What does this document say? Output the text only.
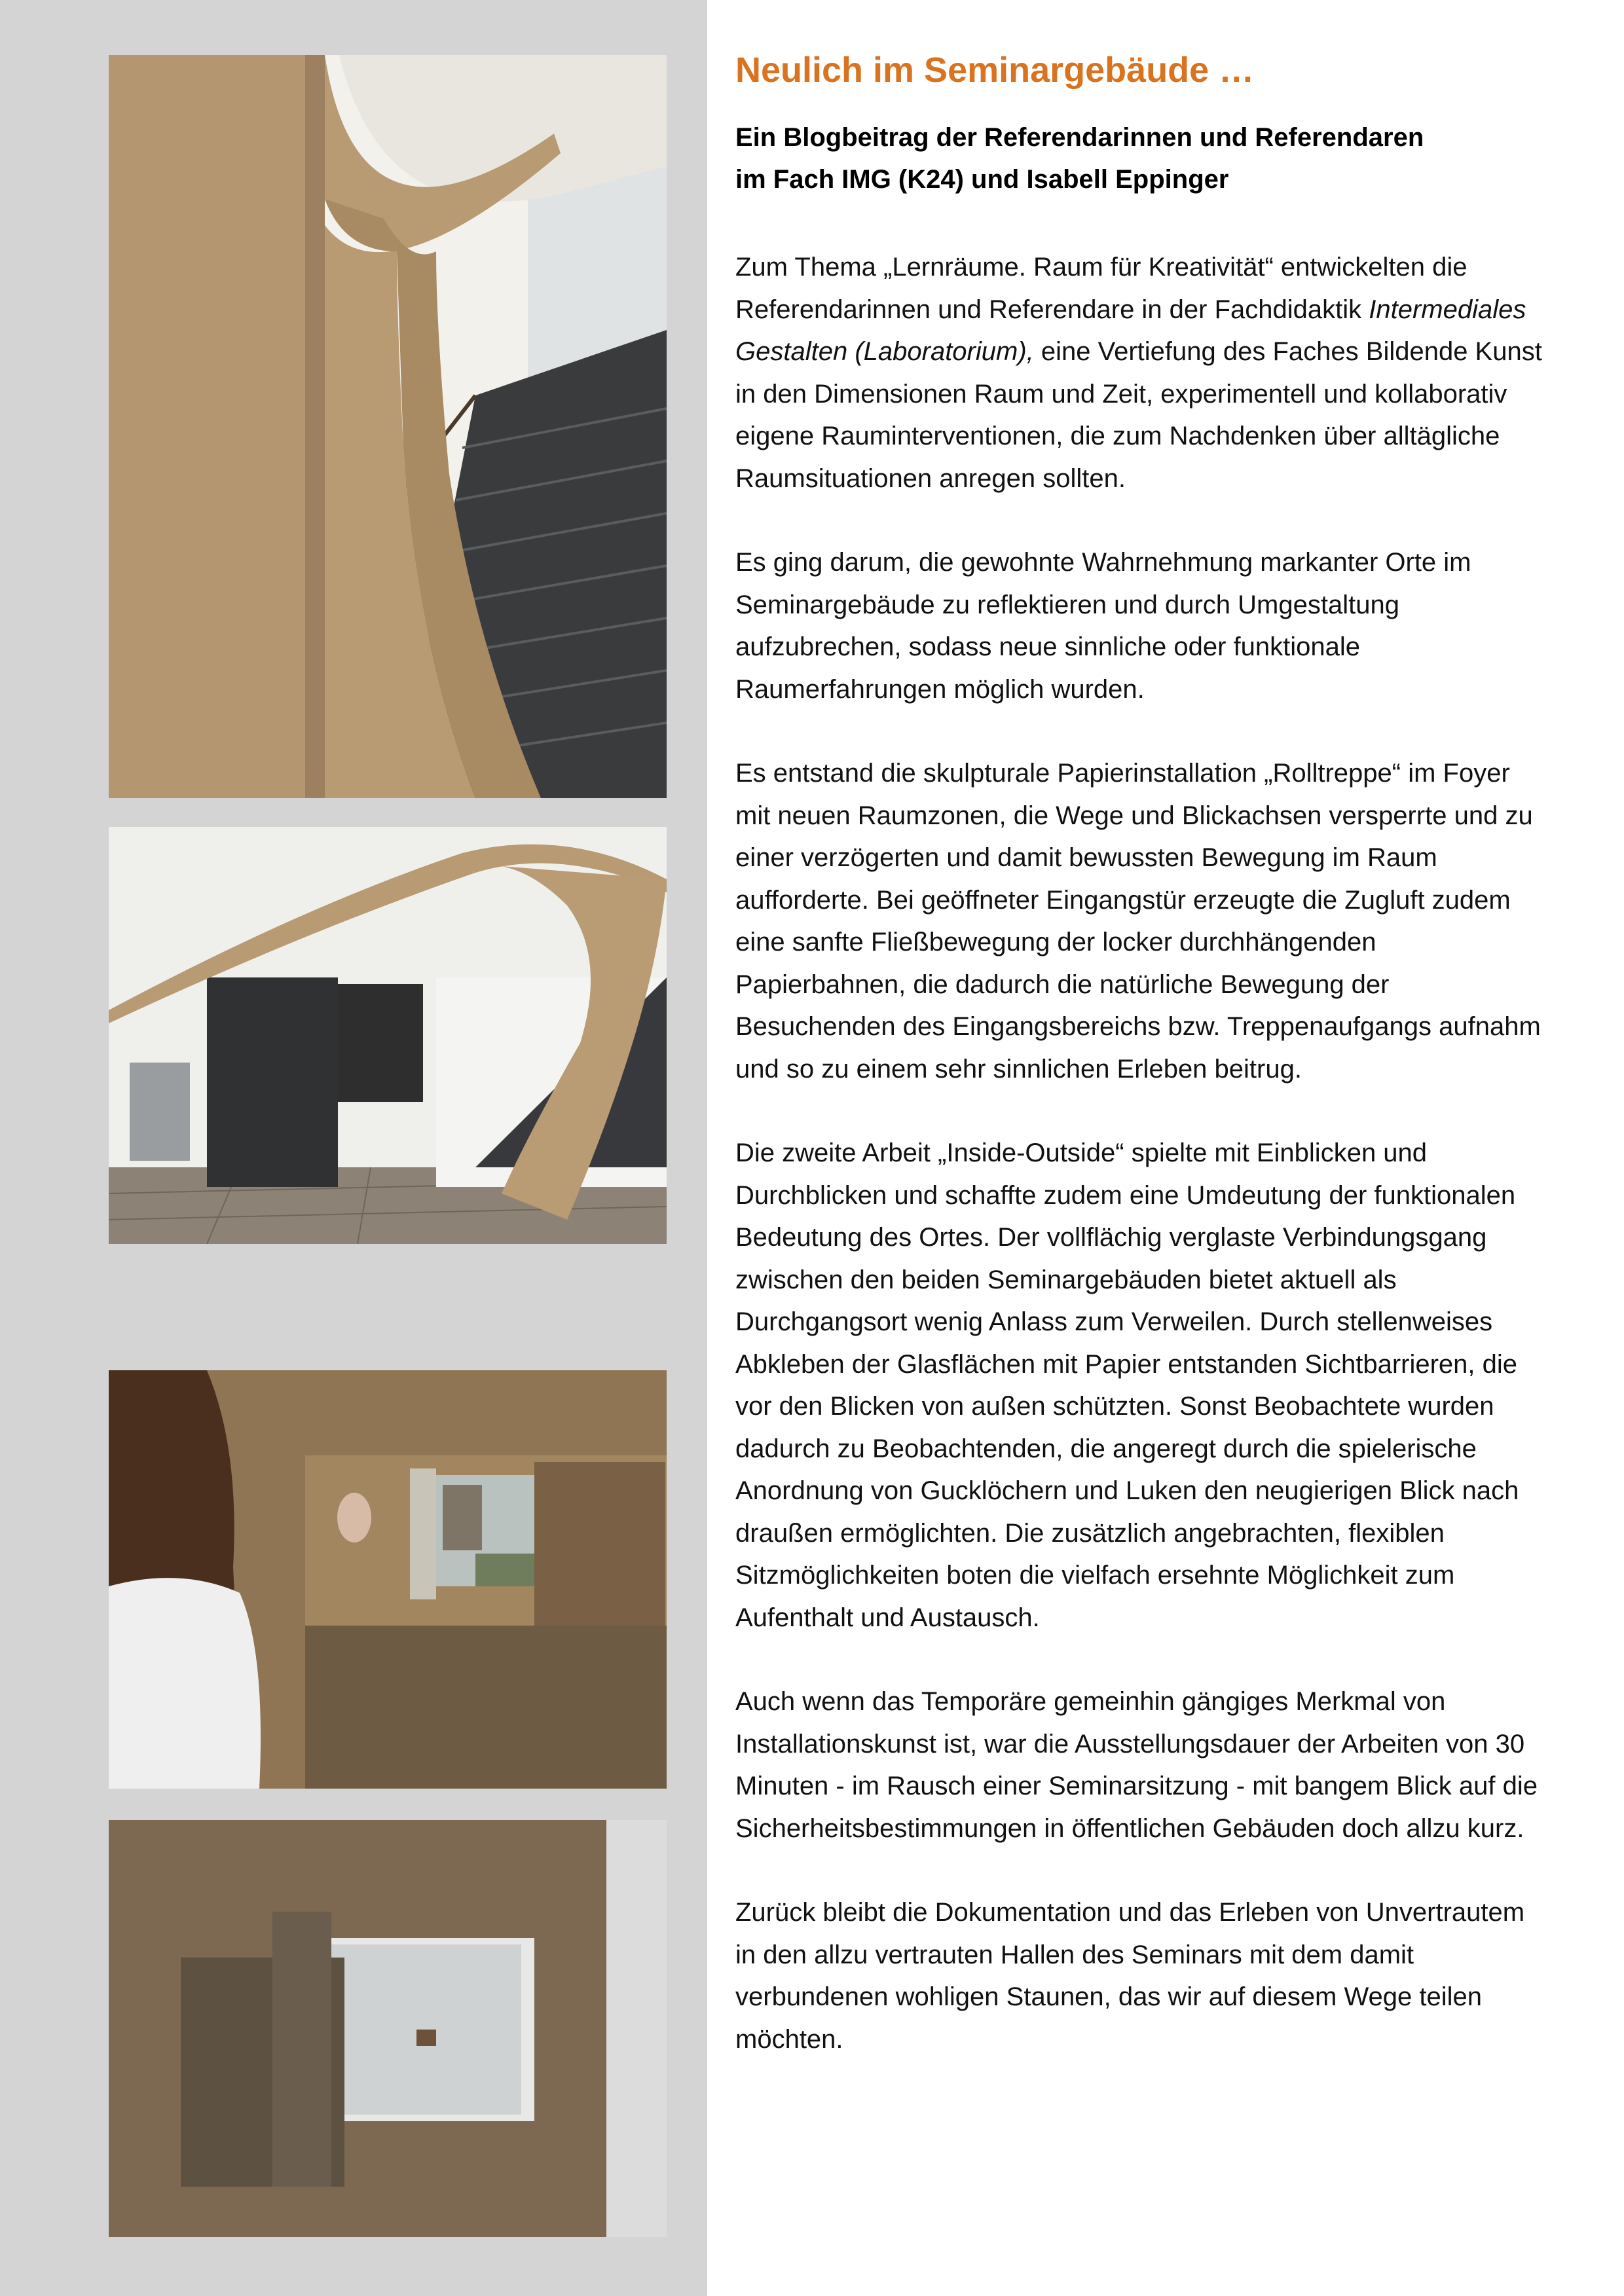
Neulich im Seminargebäude …

Ein Blogbeitrag der Referendarinnen und Referendaren
im Fach IMG (K24) und Isabell Eppinger

Zum Thema „Lernräume. Raum für Kreativität“ entwickelten die Referendarinnen und Referendare in der Fachdidaktik Intermediales Gestalten (Laboratorium), eine Vertiefung des Faches Bildende Kunst in den Dimensionen Raum und Zeit, experimentell und kollaborativ eigene Rauminterventionen, die zum Nachdenken über alltägliche Raumsituationen anregen sollten.

Es ging darum, die gewohnte Wahrnehmung markanter Orte im Seminargebäude zu reflektieren und durch Umgestaltung aufzubrechen, sodass neue sinnliche oder funktionale Raumerfahrungen möglich wurden.

Es entstand die skulpturale Papierinstallation „Rolltreppe“ im Foyer mit neuen Raumzonen, die Wege und Blickachsen versperrte und zu einer verzögerten und damit bewussten Bewegung im Raum aufforderte. Bei geöffneter Eingangstür erzeugte die Zugluft zudem eine sanfte Fließbewegung der locker durchhängenden Papierbahnen, die dadurch die natürliche Bewegung der Besuchenden des Eingangsbereichs bzw. Treppenaufgangs aufnahm und so zu einem sehr sinnlichen Erleben beitrug.

Die zweite Arbeit „Inside-Outside“ spielte mit Einblicken und Durchblicken und schaffte zudem eine Umdeutung der funktionalen Bedeutung des Ortes. Der vollflächig verglaste Verbindungsgang zwischen den beiden Seminargebäuden bietet aktuell als Durchgangsort wenig Anlass zum Verweilen. Durch stellenweises Abkleben der Glasflächen mit Papier entstanden Sichtbarrieren, die vor den Blicken von außen schützten. Sonst Beobachtete wurden dadurch zu Beobachtenden, die angeregt durch die spielerische Anordnung von Gucklöchern und Luken den neugierigen Blick nach draußen ermöglichten. Die zusätzlich angebrachten, flexiblen Sitzmöglichkeiten boten die vielfach ersehnte Möglichkeit zum Aufenthalt und Austausch.

Auch wenn das Temporäre gemeinhin gängiges Merkmal von Installationskunst ist, war die Ausstellungsdauer der Arbeiten von 30 Minuten - im Rausch einer Seminarsitzung - mit bangem Blick auf die Sicherheitsbestimmungen in öffentlichen Gebäuden doch allzu kurz.

Zurück bleibt die Dokumentation und das Erleben von Unvertrautem in den allzu vertrauten Hallen des Seminars mit dem damit verbundenen wohligen Staunen, das wir auf diesem Wege teilen möchten.
